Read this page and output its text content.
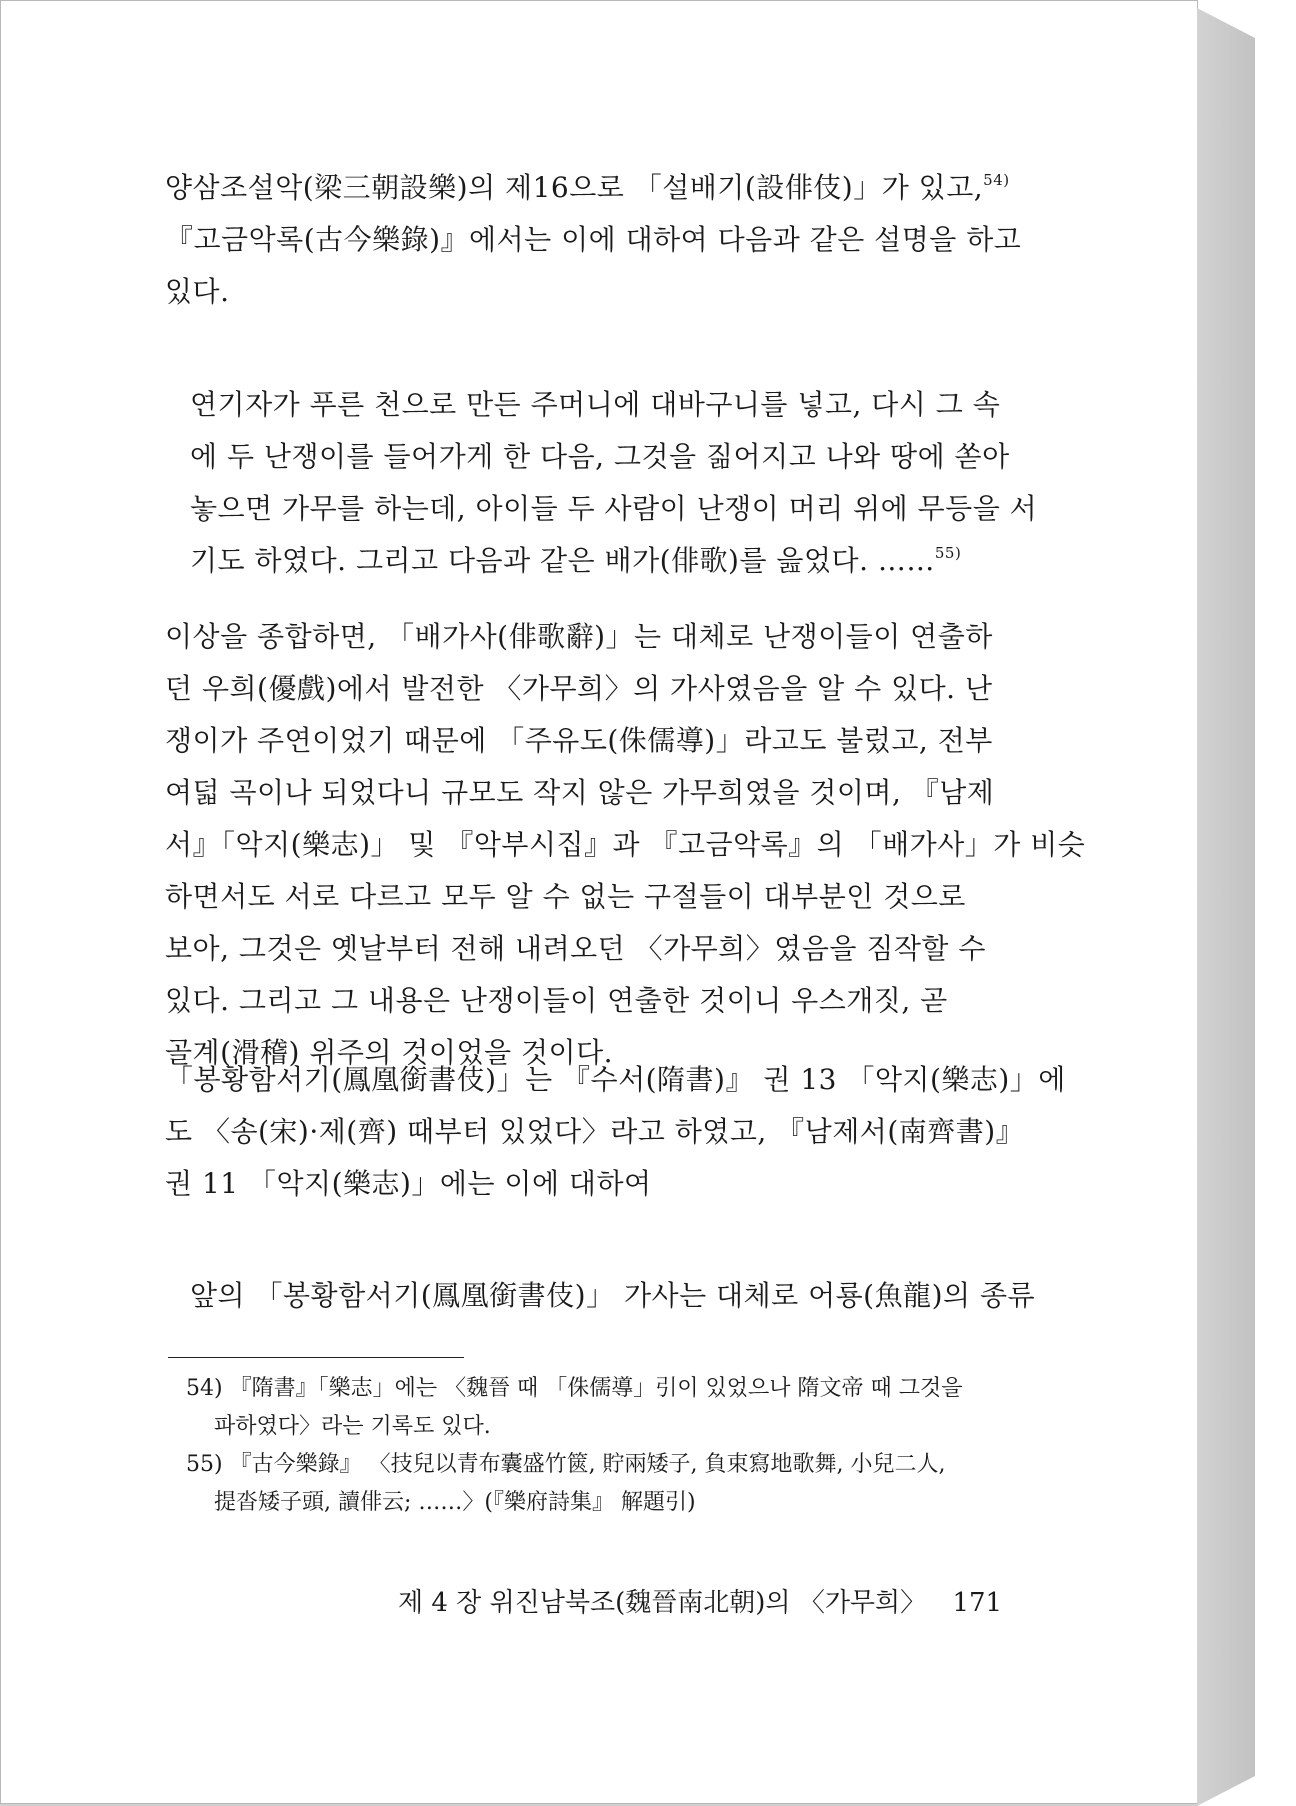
양삼조설악(梁三朝設樂)의 제16으로 「설배기(設俳伎)」가 있고,$^{54)}$
『고금악록(古今樂錄)』에서는 이에 대하여 다음과 같은 설명을 하고
있다.
연기자가 푸른 천으로 만든 주머니에 대바구니를 넣고, 다시 그 속
에 두 난쟁이를 들어가게 한 다음, 그것을 짊어지고 나와 땅에 쏟아
놓으면 가무를 하는데, 아이들 두 사람이 난쟁이 머리 위에 무등을 서
기도 하였다. 그리고 다음과 같은 배가(俳歌)를 읊었다. ……$^{55)}$
이상을 종합하면, 「배가사(俳歌辭)」는 대체로 난쟁이들이 연출하
던 우희(優戲)에서 발전한 〈가무희〉의 가사였음을 알 수 있다. 난
쟁이가 주연이었기 때문에 「주유도(侏儒導)」라고도 불렀고, 전부
여덟 곡이나 되었다니 규모도 작지 않은 가무희였을 것이며, 『남제
서』「악지(樂志)」 및 『악부시집』과 『고금악록』의 「배가사」가 비슷
하면서도 서로 다르고 모두 알 수 없는 구절들이 대부분인 것으로
보아, 그것은 옛날부터 전해 내려오던 〈가무희〉였음을 짐작할 수
있다. 그리고 그 내용은 난쟁이들이 연출한 것이니 우스개짓, 곧
골계(滑稽) 위주의 것이었을 것이다.
「봉황함서기(鳳凰銜書伎)」는 『수서(隋書)』 권 13 「악지(樂志)」에
도 〈송(宋)·제(齊) 때부터 있었다〉라고 하였고, 『남제서(南齊書)』
권 11 「악지(樂志)」에는 이에 대하여
앞의 「봉황함서기(鳳凰銜書伎)」 가사는 대체로 어룡(魚龍)의 종류
54) 『隋書』「樂志」에는 〈魏晉 때 「侏儒導」引이 있었으나 隋文帝 때 그것을
파하였다〉라는 기록도 있다.
55) 『古今樂錄』 〈技兒以青布囊盛竹篋, 貯兩矮子, 負束寫地歌舞, 小兒二人,
提沓矮子頭, 讀俳云; ……〉(『樂府詩集』 解題引)
제 4 장 위진남북조(魏晉南北朝)의 〈가무희〉 171
